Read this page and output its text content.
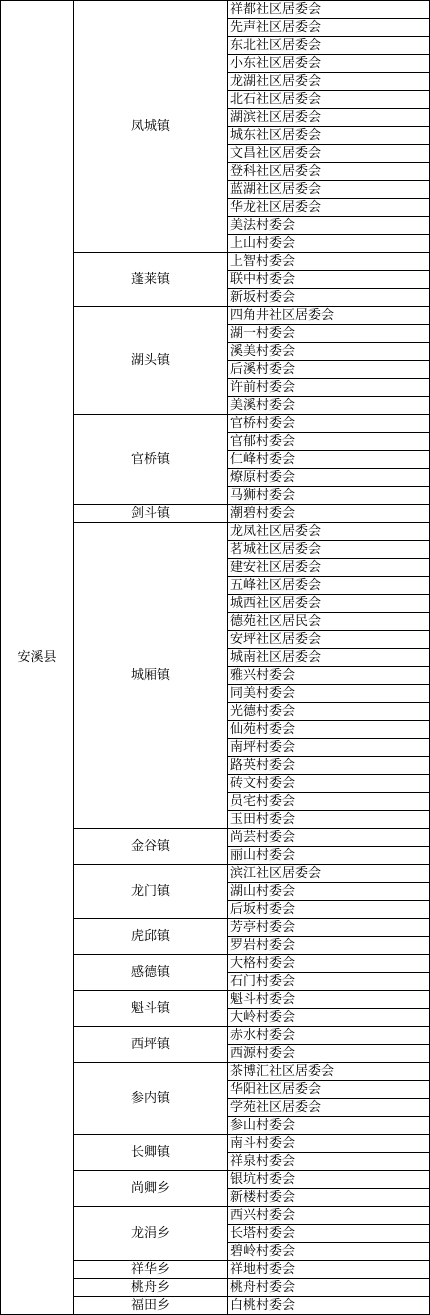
安溪县	凤城镇	祥都社区居委会
		先声社区居委会
		东北社区居委会
		小东社区居委会
		龙湖社区居委会
		北石社区居委会
		湖滨社区居委会
		城东社区居委会
		文昌社区居委会
		登科社区居委会
		蓝湖社区居委会
		华龙社区居委会
		美法村委会
		上山村委会
	蓬莱镇	上智村委会
		联中村委会
		新坂村委会
	湖头镇	四角井社区居委会
		湖一村委会
		溪美村委会
		后溪村委会
		许前村委会
		美溪村委会
	官桥镇	官桥村委会
		官郁村委会
		仁峰村委会
		燎原村委会
		马狮村委会
	剑斗镇	潮碧村委会
	城厢镇	龙凤社区居委会
		茗城社区居委会
		建安社区居委会
		五峰社区居委会
		城西社区居委会
		德苑社区居民会
		安坪社区居委会
		城南社区居委会
		雅兴村委会
		同美村委会
		光德村委会
		仙苑村委会
		南坪村委会
		路英村委会
		砖文村委会
		员宅村委会
		玉田村委会
	金谷镇	尚芸村委会
		丽山村委会
	龙门镇	滨江社区居委会
		湖山村委会
		后坂村委会
	虎邱镇	芳亭村委会
		罗岩村委会
	感德镇	大格村委会
		石门村委会
	魁斗镇	魁斗村委会
		大岭村委会
	西坪镇	赤水村委会
		西源村委会
	参内镇	茶博汇社区居委会
		华阳社区居委会
		学苑社区居委会
		参山村委会
	长卿镇	南斗村委会
		祥泉村委会
	尚卿乡	银坑村委会
		新楼村委会
	龙涓乡	西兴村委会
		长塔村委会
		碧岭村委会
	祥华乡	祥地村委会
	桃舟乡	桃舟村委会
	福田乡	白桃村委会
